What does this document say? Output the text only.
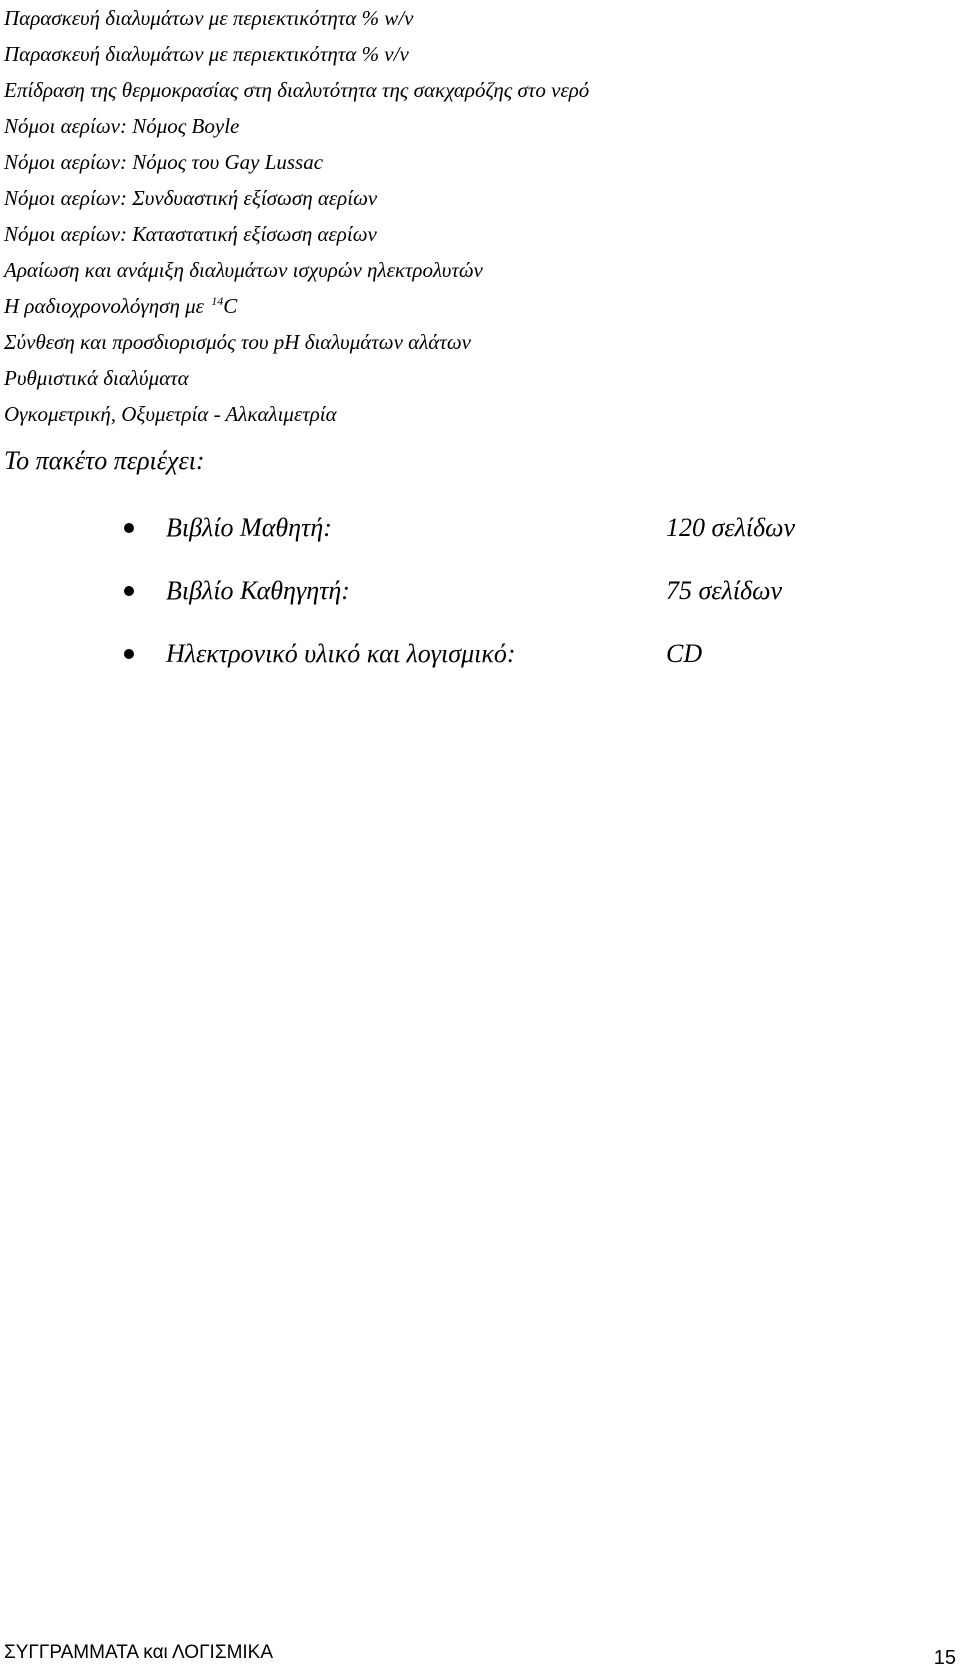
Παρασκευή διαλυμάτων με περιεκτικότητα % w/v
Παρασκευή διαλυμάτων με περιεκτικότητα % v/v
Επίδραση της θερμοκρασίας στη διαλυτότητα της σακχαρόζης στο νερό
Νόμοι αερίων: Νόμος Boyle
Νόμοι αερίων: Νόμος του Gay Lussac
Νόμοι αερίων: Συνδυαστική εξίσωση αερίων
Νόμοι αερίων: Καταστατική εξίσωση αερίων
Αραίωση και ανάμιξη διαλυμάτων ισχυρών ηλεκτρολυτών
Η ραδιοχρονολόγηση με $^{14}$C
Σύνθεση και προσδιορισμός του pH διαλυμάτων αλάτων
Ρυθμιστικά διαλύματα
Ογκομετρική, Οξυμετρία - Αλκαλιμετρία
Το πακέτο περιέχει:
Βιβλίο Μαθητή:	120 σελίδων
Βιβλίο Καθηγητή:	75 σελίδων
Ηλεκτρονικό υλικό και λογισμικό:	CD
ΣΥΓΓΡΑΜΜΑΤΑ και ΛΟΓΙΣΜΙΚΑ	15
